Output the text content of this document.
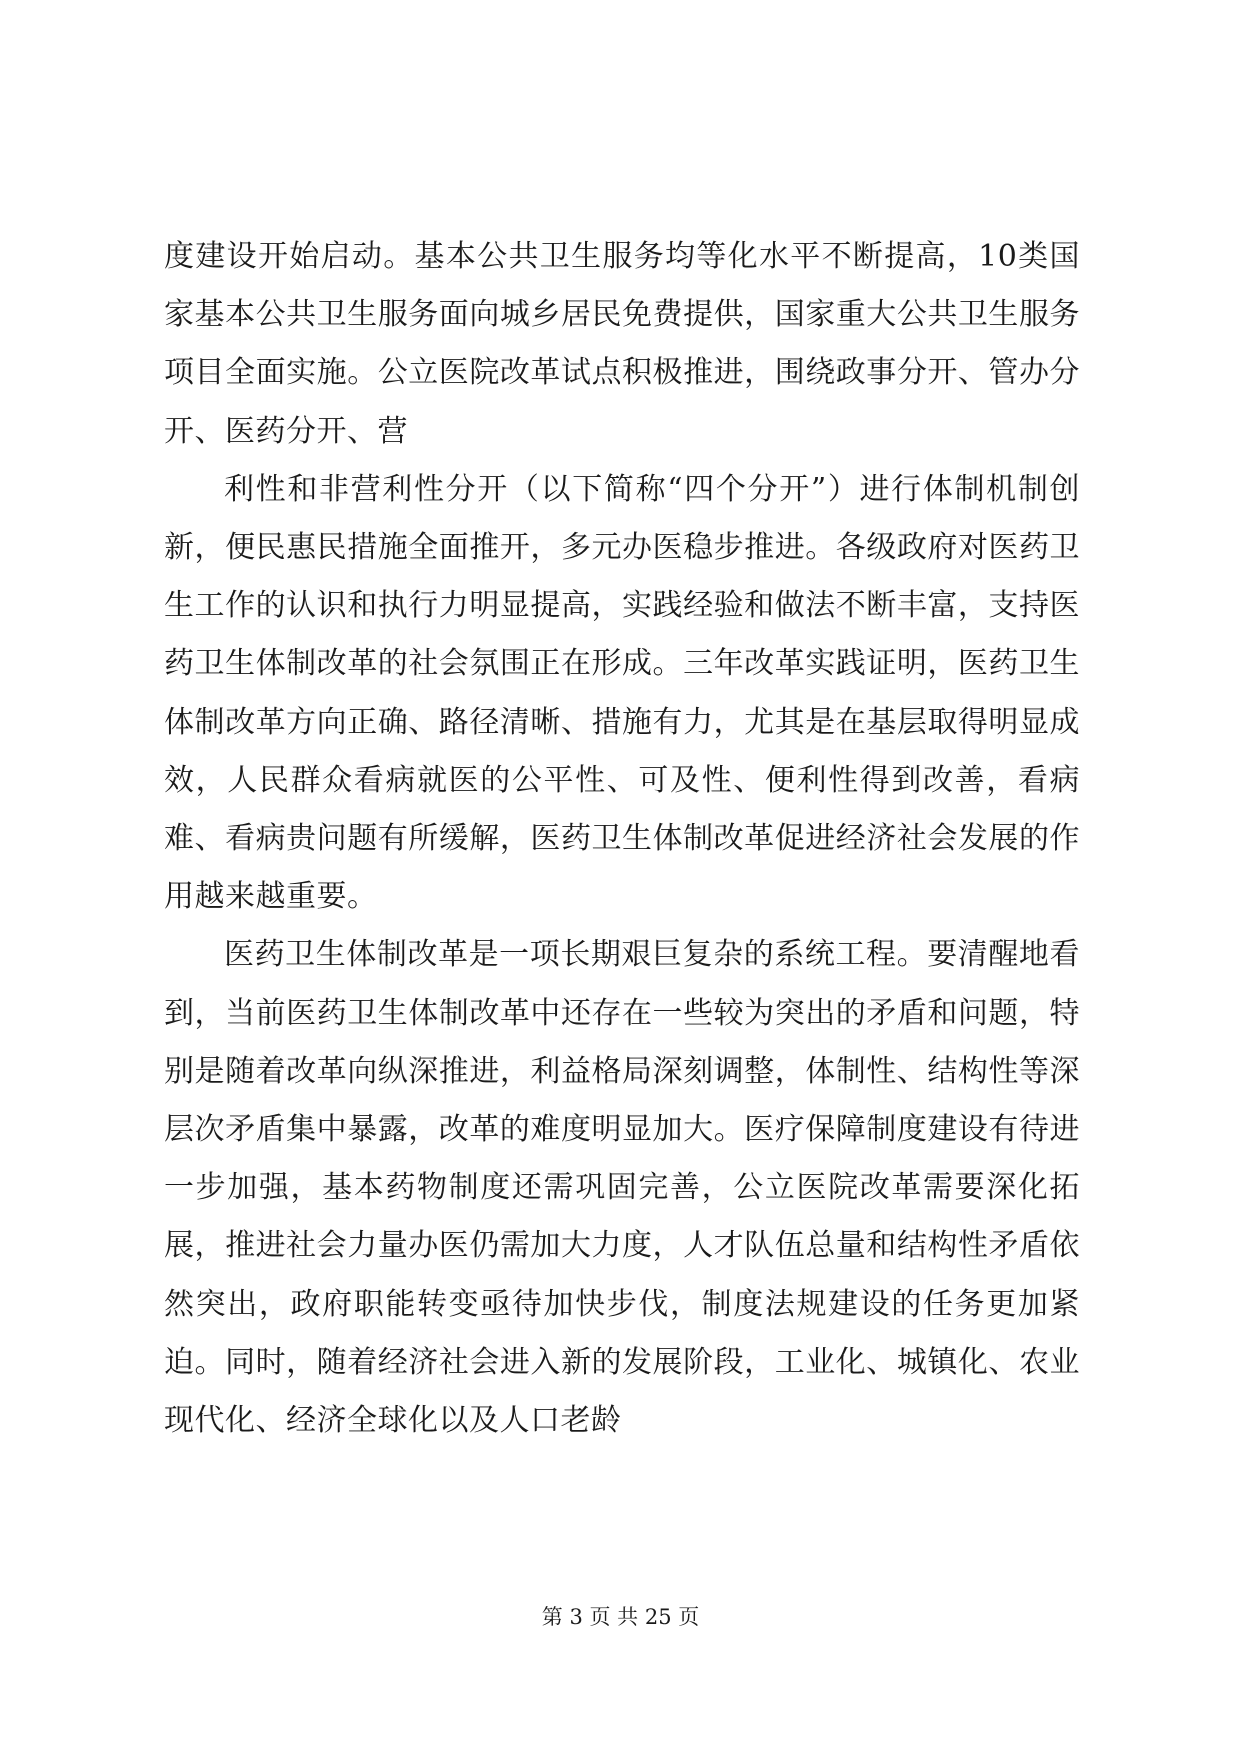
度建设开始启动。基本公共卫生服务均等化水平不断提高，10类国家基本公共卫生服务面向城乡居民免费提供，国家重大公共卫生服务项目全面实施。公立医院改革试点积极推进，围绕政事分开、管办分开、医药分开、营

利性和非营利性分开（以下简称“四个分开”）进行体制机制创新，便民惠民措施全面推开，多元办医稳步推进。各级政府对医药卫生工作的认识和执行力明显提高，实践经验和做法不断丰富，支持医药卫生体制改革的社会氛围正在形成。三年改革实践证明，医药卫生体制改革方向正确、路径清晰、措施有力，尤其是在基层取得明显成效，人民群众看病就医的公平性、可及性、便利性得到改善，看病难、看病贵问题有所缓解，医药卫生体制改革促进经济社会发展的作用越来越重要。

医药卫生体制改革是一项长期艰巨复杂的系统工程。要清醒地看到，当前医药卫生体制改革中还存在一些较为突出的矛盾和问题，特别是随着改革向纵深推进，利益格局深刻调整，体制性、结构性等深层次矛盾集中暴露，改革的难度明显加大。医疗保障制度建设有待进一步加强，基本药物制度还需巩固完善，公立医院改革需要深化拓展，推进社会力量办医仍需加大力度，人才队伍总量和结构性矛盾依然突出，政府职能转变亟待加快步伐，制度法规建设的任务更加紧迫。同时，随着经济社会进入新的发展阶段，工业化、城镇化、农业现代化、经济全球化以及人口老龄

第 3 页 共 25 页
